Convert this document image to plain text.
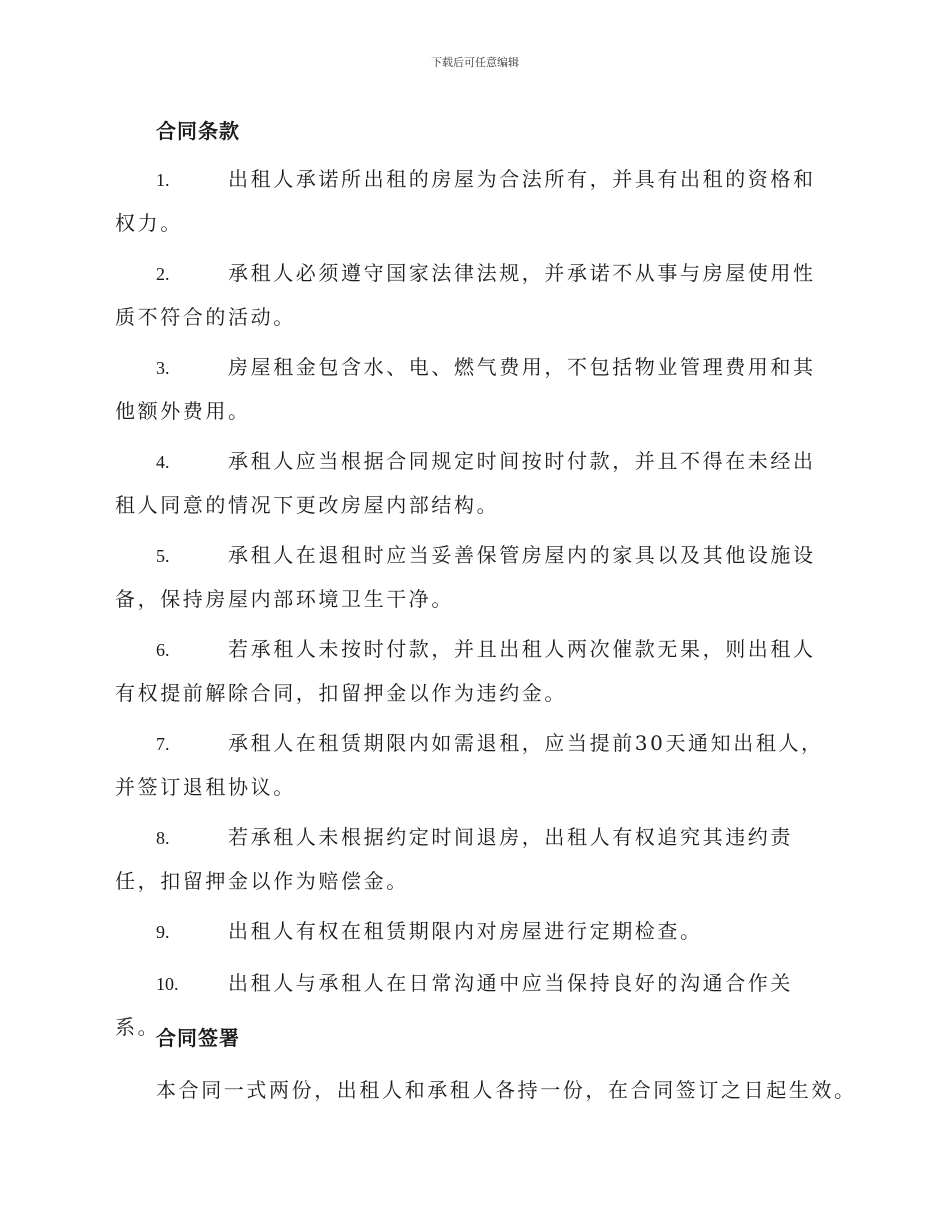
下载后可任意编辑
合同条款
1.	出租人承诺所出租的房屋为合法所有，并具有出租的资格和权力。
2.	承租人必须遵守国家法律法规，并承诺不从事与房屋使用性质不符合的活动。
3.	房屋租金包含水、电、燃气费用，不包括物业管理费用和其他额外费用。
4.	承租人应当根据合同规定时间按时付款，并且不得在未经出租人同意的情况下更改房屋内部结构。
5.	承租人在退租时应当妥善保管房屋内的家具以及其他设施设备，保持房屋内部环境卫生干净。
6.	若承租人未按时付款，并且出租人两次催款无果，则出租人有权提前解除合同，扣留押金以作为违约金。
7.	承租人在租赁期限内如需退租，应当提前30天通知出租人，并签订退租协议。
8.	若承租人未根据约定时间退房，出租人有权追究其违约责任，扣留押金以作为赔偿金。
9.	出租人有权在租赁期限内对房屋进行定期检查。
10. 出租人与承租人在日常沟通中应当保持良好的沟通合作关系。
合同签署
本合同一式两份，出租人和承租人各持一份，在合同签订之日起生效。
